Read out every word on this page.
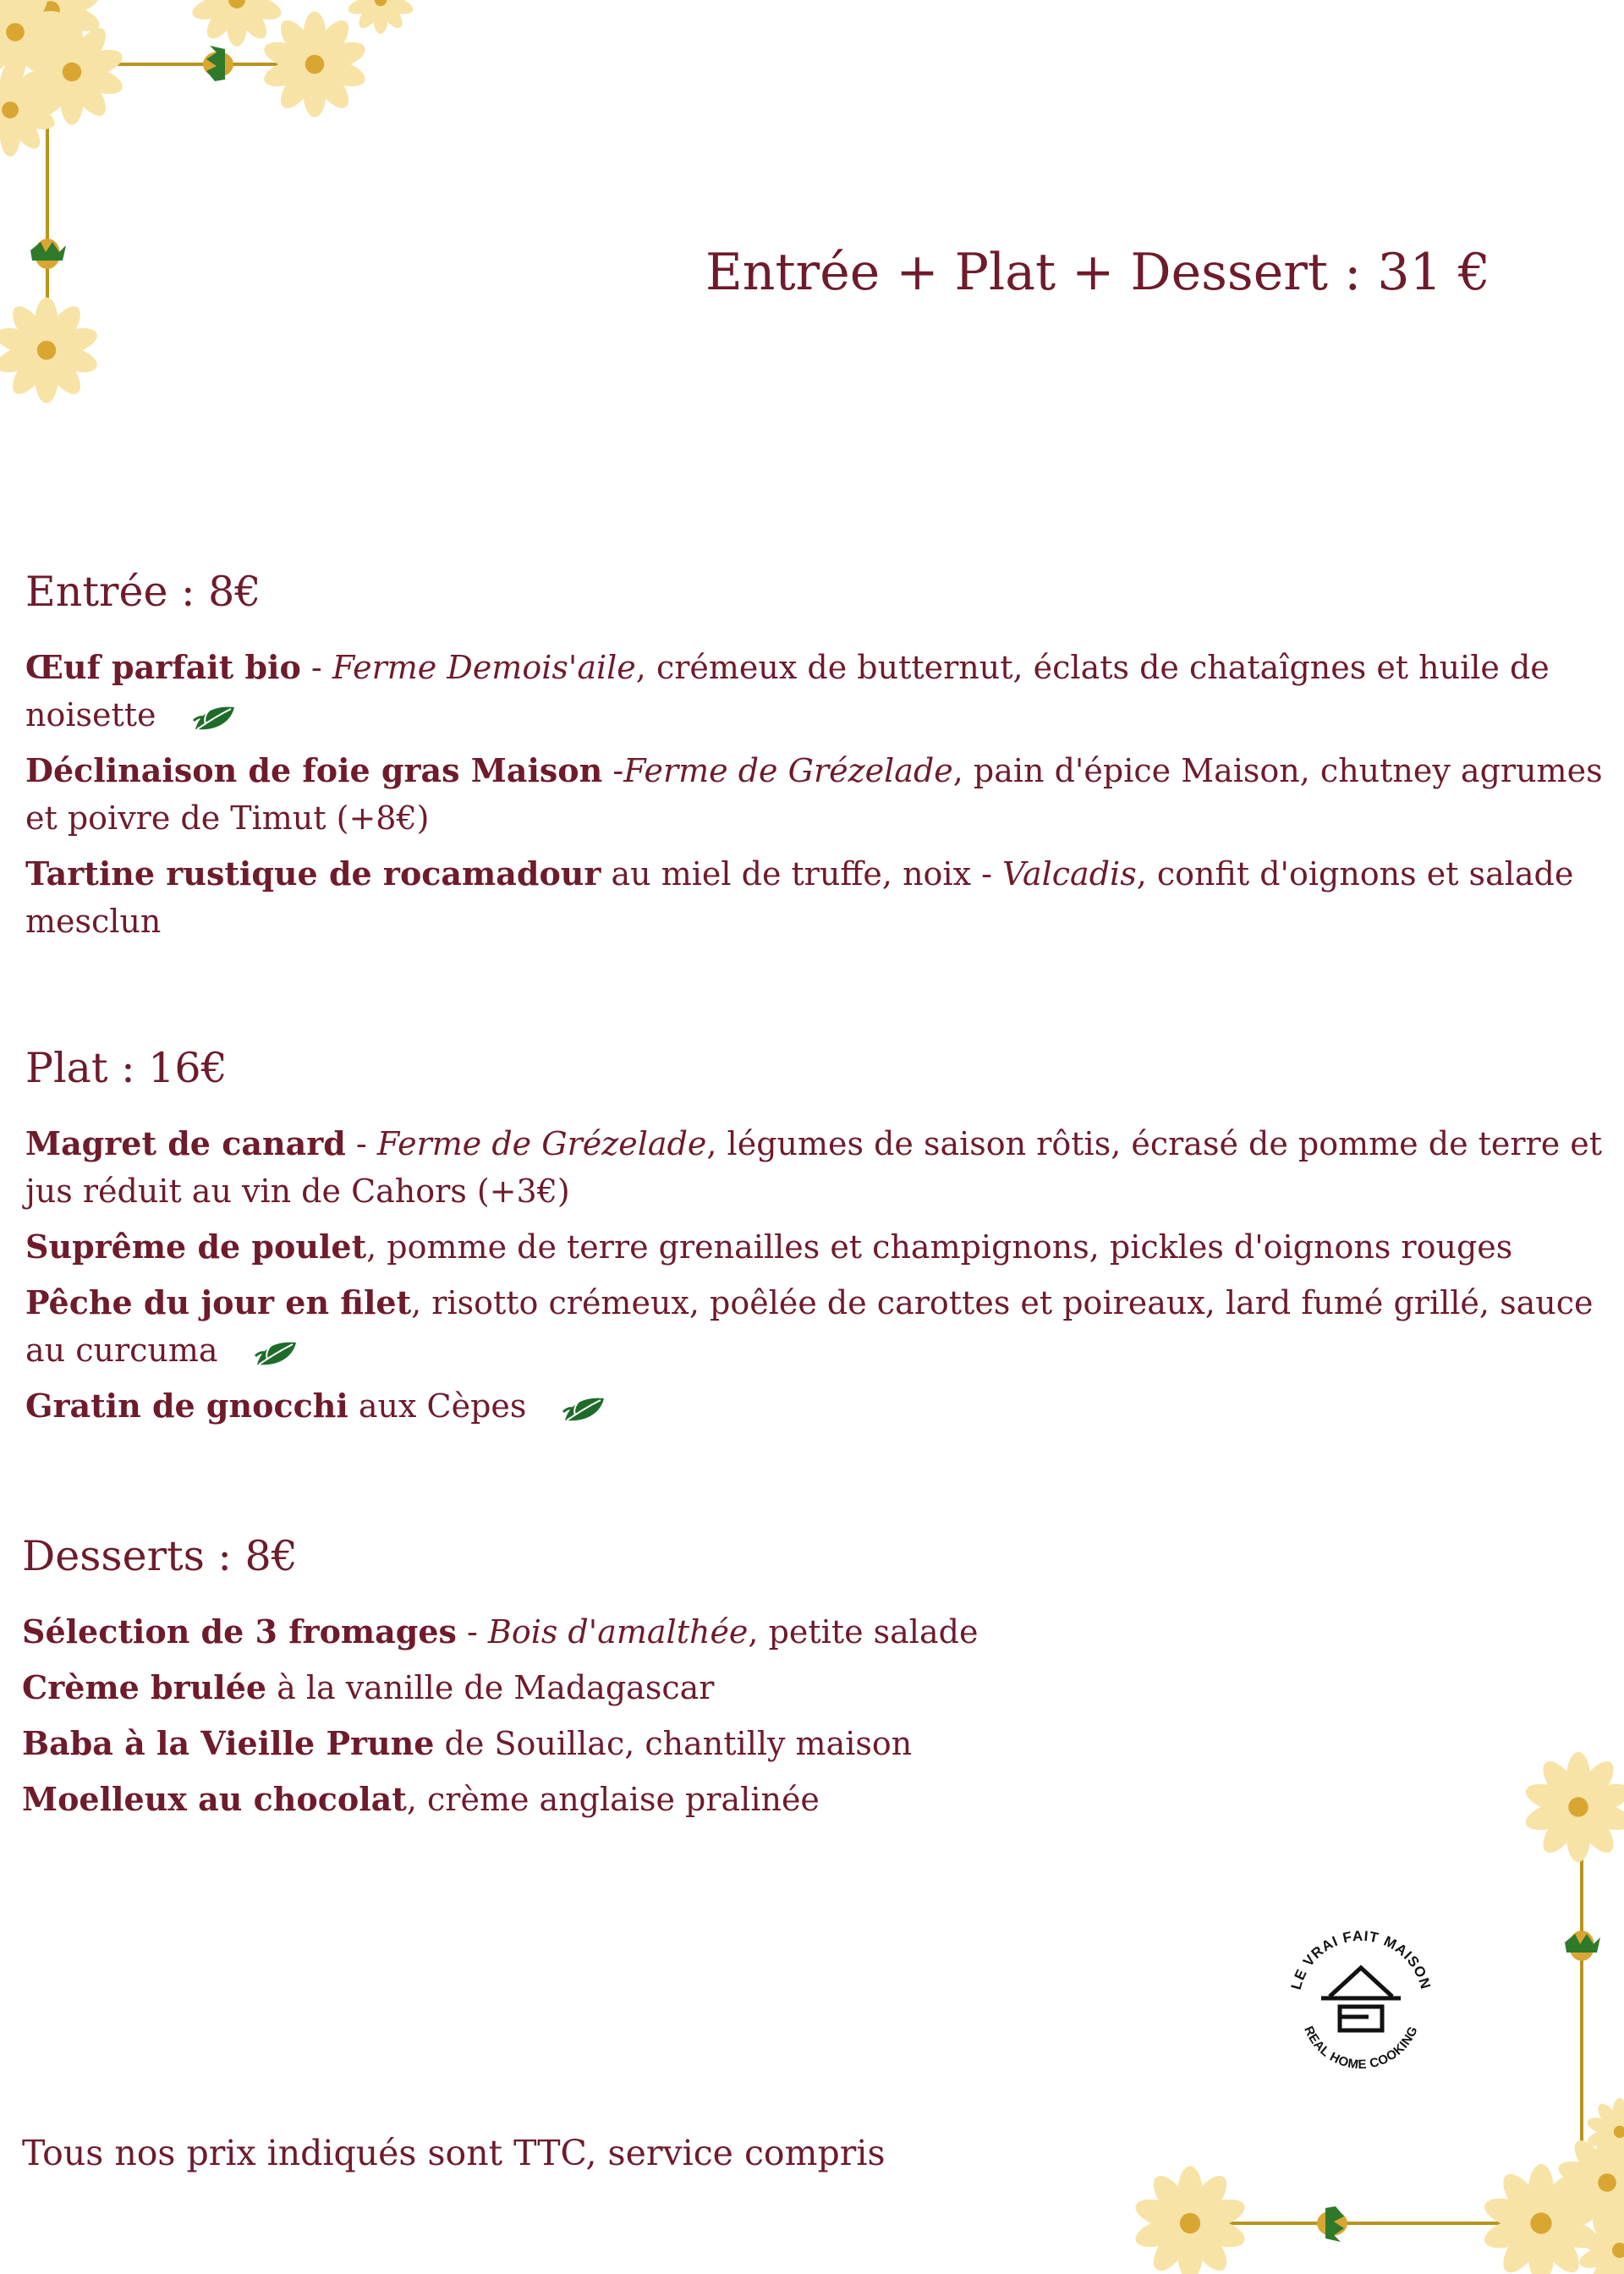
Entrée + Plat + Dessert : 31 €
Entrée : 8€

Œuf parfait bio - Ferme Demois'aile, crémeux de butternut, éclats de chataîgnes et huile de noisette

Déclinaison de foie gras Maison -Ferme de Grézelade, pain d'épice Maison, chutney agrumes et poivre de Timut (+8€)

Tartine rustique de rocamadour au miel de truffe, noix - Valcadis, confit d'oignons et salade mesclun

Plat : 16€

Magret de canard - Ferme de Grézelade, légumes de saison rôtis, écrasé de pomme de terre et jus réduit au vin de Cahors (+3€)

Suprême de poulet, pomme de terre grenailles et champignons, pickles d'oignons rouges

Pêche du jour en filet, risotto crémeux, poêlée de carottes et poireaux, lard fumé grillé, sauce au curcuma

Gratin de gnocchi aux Cèpes

Desserts : 8€

Sélection de 3 fromages - Bois d'amalthée, petite salade

Crème brulée à la vanille de Madagascar

Baba à la Vieille Prune de Souillac, chantilly maison

Moelleux au chocolat, crème anglaise pralinée

LE VRAI FAIT MAISON
REAL HOME COOKING

Tous nos prix indiqués sont TTC, service compris
